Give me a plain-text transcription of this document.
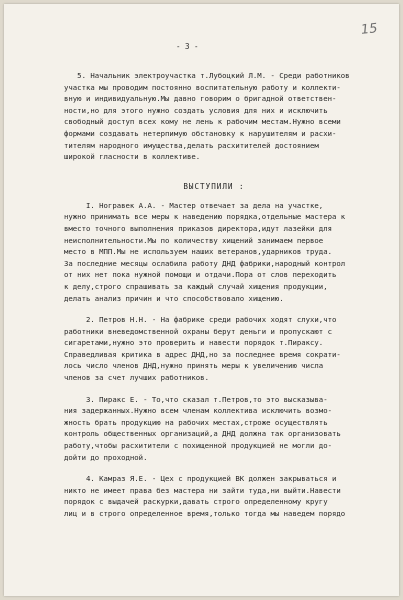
- 3 -
15
5. Начальник электроучастка т.Лубоцкий Л.М. - Среди работников
участка мы проводим постоянно воспитательную работу и коллекти-
вную и индивидуальную.Мы давно говорим о бригадной ответствен-
ности,но для этого нужно создать условия для них и исключить
свободный доступ всех кому не лень к рабочим местам.Нужно всеми
формами создавать нетерпимую обстановку к нарушителям и расхи-
тителям народного имущества,делать расхитителей достоянием
широкой гласности в коллективе.
I. Ногравек А.А. - Мастер отвечает за дела на участке,
нужно принимать все меры к наведению порядка,отдельные мастера к
вместо точного выполнения приказов директора,идут лазейки для
неисполнительности.Мы по количеству хищений занимаем первое
место в МПП.Мы не используем наших ветеранов,ударников труда.
За последние месяцы ослабила работу ДНД фабрики,народный контрол
от них нет пока нужной помощи и отдачи.Пора от слов переходить
к делу,строго спрашивать за каждый случай хищения продукции,
делать анализ причин и что способствовало хищению.
2. Петров Н.Н. - На фабрике среди рабочих ходят слухи,что
работники вневедомственной охраны берут деньги и пропускают с
сигаретами,нужно это проверить и навести порядок т.Пираксу.
Справедливая критика в адрес ДНД,но за последнее время сократи-
лось число членов ДНД,нужно принять меры к увеличению числа
членов за счет лучших работников.
3. Пиракс Е. - То,что сказал т.Петров,то это высказыва-
ния задержанных.Нужно всем членам коллектива исключить возмо-
жность брать продукцию на рабочих местах,строже осуществлять
контроль общественных организаций,а ДНД должна так организовать
работу,чтобы расхитители с похищенной продукцией не могли до-
дойти до проходной.
4. Камраз Я.Е. - Цех с продукцией ВК должен закрываться и
никто не имеет права без мастера ни зайти туда,ни выйти.Навести
порядок с выдачей раскурки,давать строго определенному кругу
лиц и в строго определенное время,только тогда мы наведем порядо
ВЫСТУПИЛИ :
